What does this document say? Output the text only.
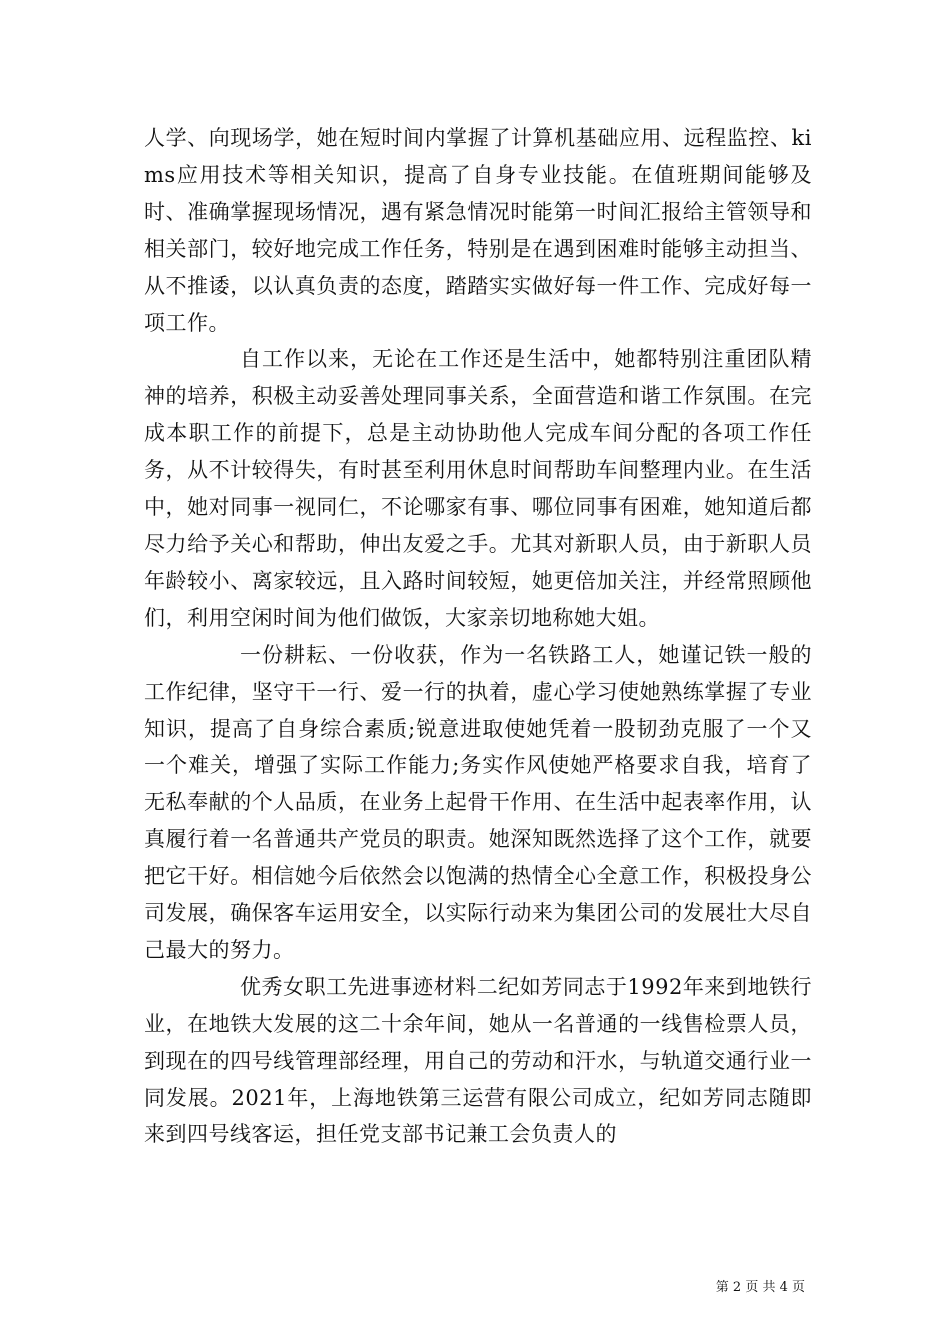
人学、向现场学，她在短时间内掌握了计算机基础应用、远程监控、kims应用技术等相关知识，提高了自身专业技能。在值班期间能够及时、准确掌握现场情况，遇有紧急情况时能第一时间汇报给主管领导和相关部门，较好地完成工作任务，特别是在遇到困难时能够主动担当、从不推诿，以认真负责的态度，踏踏实实做好每一件工作、完成好每一项工作。

自工作以来，无论在工作还是生活中，她都特别注重团队精神的培养，积极主动妥善处理同事关系，全面营造和谐工作氛围。在完成本职工作的前提下，总是主动协助他人完成车间分配的各项工作任务，从不计较得失，有时甚至利用休息时间帮助车间整理内业。在生活中，她对同事一视同仁，不论哪家有事、哪位同事有困难，她知道后都尽力给予关心和帮助，伸出友爱之手。尤其对新职人员，由于新职人员年龄较小、离家较远，且入路时间较短，她更倍加关注，并经常照顾他们，利用空闲时间为他们做饭，大家亲切地称她大姐。

一份耕耘、一份收获，作为一名铁路工人，她谨记铁一般的工作纪律，坚守干一行、爱一行的执着，虚心学习使她熟练掌握了专业知识，提高了自身综合素质;锐意进取使她凭着一股韧劲克服了一个又一个难关，增强了实际工作能力;务实作风使她严格要求自我，培育了无私奉献的个人品质，在业务上起骨干作用、在生活中起表率作用，认真履行着一名普通共产党员的职责。她深知既然选择了这个工作，就要把它干好。相信她今后依然会以饱满的热情全心全意工作，积极投身公司发展，确保客车运用安全，以实际行动来为集团公司的发展壮大尽自己最大的努力。

优秀女职工先进事迹材料二纪如芳同志于1992年来到地铁行业，在地铁大发展的这二十余年间，她从一名普通的一线售检票人员，到现在的四号线管理部经理，用自己的劳动和汗水，与轨道交通行业一同发展。2021年，上海地铁第三运营有限公司成立，纪如芳同志随即来到四号线客运，担任党支部书记兼工会负责人的

第 2 页 共 4 页
